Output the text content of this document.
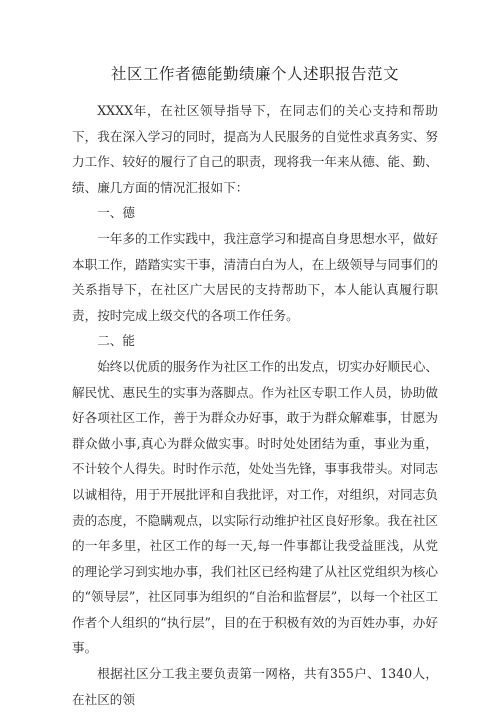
社区工作者德能勤绩廉个人述职报告范文

XXXX年，在社区领导指导下，在同志们的关心支持和帮助下，我在深入学习的同时，提高为人民服务的自觉性求真务实、努力工作、较好的履行了自己的职责，现将我一年来从德、能、勤、绩、廉几方面的情况汇报如下：

一、德

一年多的工作实践中，我注意学习和提高自身思想水平，做好本职工作，踏踏实实干事，清清白白为人，在上级领导与同事们的关系指导下，在社区广大居民的支持帮助下，本人能认真履行职责，按时完成上级交代的各项工作任务。

二、能

始终以优质的服务作为社区工作的出发点，切实办好顺民心、解民忧、惠民生的实事为落脚点。作为社区专职工作人员，协助做好各项社区工作，善于为群众办好事，敢于为群众解难事，甘愿为群众做小事,真心为群众做实事。时时处处团结为重，事业为重，不计较个人得失。时时作示范，处处当先锋，事事我带头。对同志以诚相待，用于开展批评和自我批评，对工作，对组织，对同志负责的态度，不隐瞒观点，以实际行动维护社区良好形象。我在社区的一年多里，社区工作的每一天,每一件事都让我受益匪浅，从党的理论学习到实地办事，我们社区已经构建了从社区党组织为核心的“领导层”，社区同事为组织的“自治和监督层”，以每一个社区工作者个人组织的“执行层”，目的在于积极有效的为百姓办事，办好事。

根据社区分工我主要负责第一网格，共有355户、1340人，在社区的领
